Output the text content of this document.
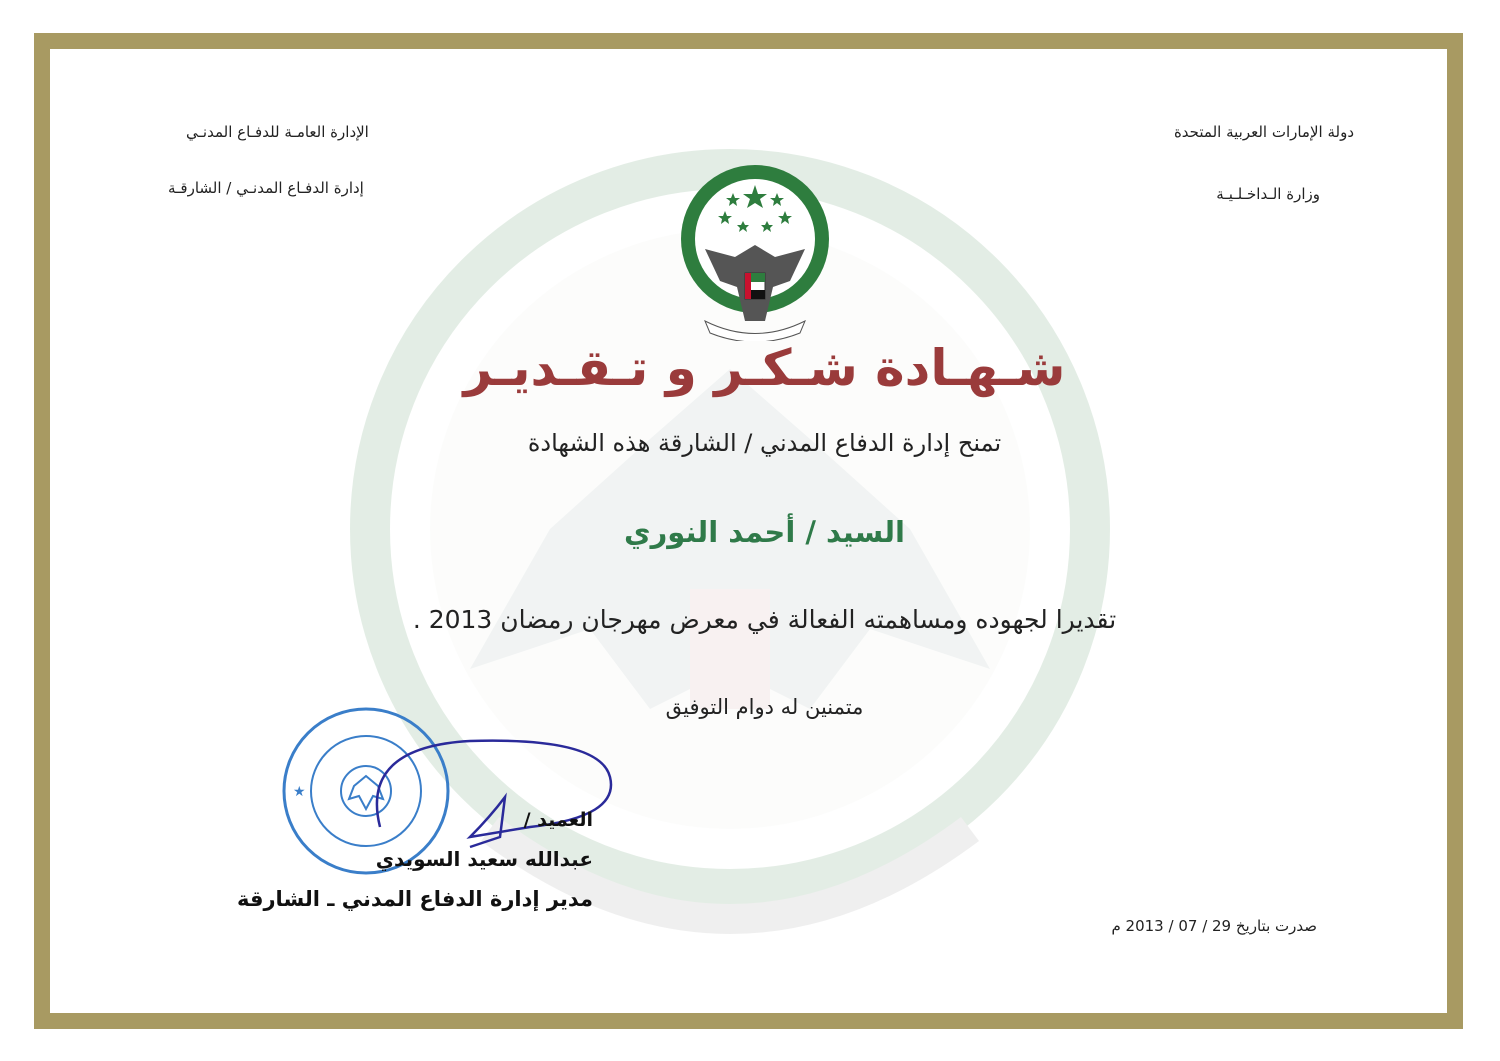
دولة الإمارات العربية المتحدة
وزارة الـداخـلـيـة
الإدارة العامـة للدفـاع المدنـي
إدارة الدفـاع المدنـي / الشارقـة
شـهـادة شـكـر و تـقـديـر
تمنح إدارة الدفاع المدني / الشارقة هذه الشهادة
السيد / أحمد النوري
تقديرا لجهوده ومساهمته الفعالة في معرض مهرجان رمضان 2013 .
متمنين له دوام التوفيق
★
العميد /
عبدالله سعيد السويدي
مدير إدارة الدفاع المدني ـ الشارقة
صدرت بتاريخ 29 / 07 / 2013 م
